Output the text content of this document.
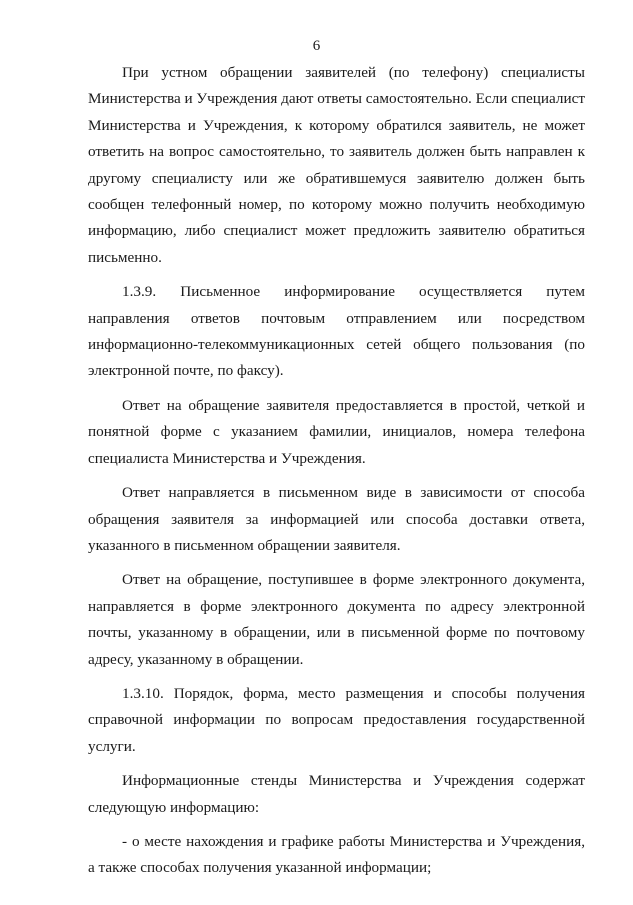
6

При устном обращении заявителей (по телефону) специалисты Министерства и Учреждения дают ответы самостоятельно. Если специалист Министерства и Учреждения, к которому обратился заявитель, не может ответить на вопрос самостоятельно, то заявитель должен быть направлен к другому специалисту или же обратившемуся заявителю должен быть сообщен телефонный номер, по которому можно получить необходимую информацию, либо специалист может предложить заявителю обратиться письменно.

1.3.9. Письменное информирование осуществляется путем направления ответов почтовым отправлением или посредством информационно-телекоммуникационных сетей общего пользования (по электронной почте, по факсу).

Ответ на обращение заявителя предоставляется в простой, четкой и понятной форме с указанием фамилии, инициалов, номера телефона специалиста Министерства и Учреждения.

Ответ направляется в письменном виде в зависимости от способа обращения заявителя за информацией или способа доставки ответа, указанного в письменном обращении заявителя.

Ответ на обращение, поступившее в форме электронного документа, направляется в форме электронного документа по адресу электронной почты, указанному в обращении, или в письменной форме по почтовому адресу, указанному в обращении.

1.3.10. Порядок, форма, место размещения и способы получения справочной информации по вопросам предоставления государственной услуги.

Информационные стенды Министерства и Учреждения содержат следующую информацию:

- о месте нахождения и графике работы Министерства и Учреждения, а также способах получения указанной информации;
